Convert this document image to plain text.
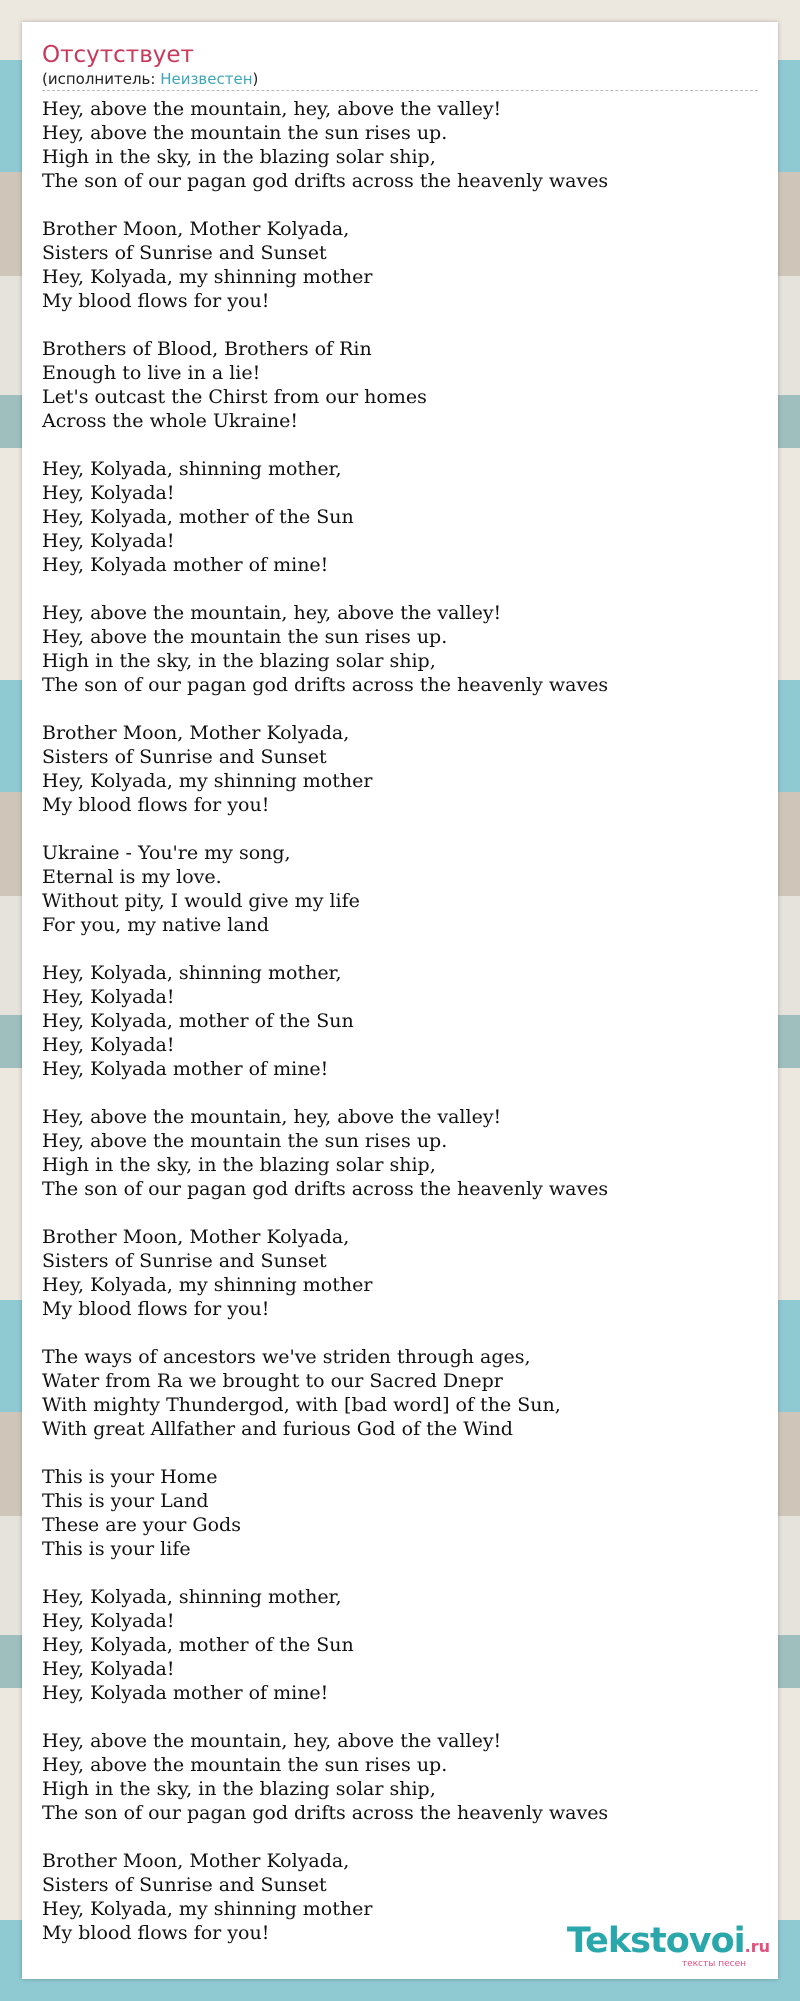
Отсутствует
(исполнитель: Неизвестен)
Hey, above the mountain, hey, above the valley!
Hey, above the mountain the sun rises up.
High in the sky, in the blazing solar ship,
The son of our pagan god drifts across the heavenly waves
Brother Moon, Mother Kolyada,
Sisters of Sunrise and Sunset
Hey, Kolyada, my shinning mother
My blood flows for you!
Brothers of Blood, Brothers of Rin
Enough to live in a lie!
Let's outcast the Chirst from our homes
Across the whole Ukraine!
Hey, Kolyada, shinning mother,
Hey, Kolyada!
Hey, Kolyada, mother of the Sun
Hey, Kolyada!
Hey, Kolyada mother of mine!
Hey, above the mountain, hey, above the valley!
Hey, above the mountain the sun rises up.
High in the sky, in the blazing solar ship,
The son of our pagan god drifts across the heavenly waves
Brother Moon, Mother Kolyada,
Sisters of Sunrise and Sunset
Hey, Kolyada, my shinning mother
My blood flows for you!
Ukraine - You're my song,
Eternal is my love.
Without pity, I would give my life
For you, my native land
Hey, Kolyada, shinning mother,
Hey, Kolyada!
Hey, Kolyada, mother of the Sun
Hey, Kolyada!
Hey, Kolyada mother of mine!
Hey, above the mountain, hey, above the valley!
Hey, above the mountain the sun rises up.
High in the sky, in the blazing solar ship,
The son of our pagan god drifts across the heavenly waves
Brother Moon, Mother Kolyada,
Sisters of Sunrise and Sunset
Hey, Kolyada, my shinning mother
My blood flows for you!
The ways of ancestors we've striden through ages,
Water from Ra we brought to our Sacred Dnepr
With mighty Thundergod, with [bad word] of the Sun,
With great Allfather and furious God of the Wind
This is your Home
This is your Land
These are your Gods
This is your life
Hey, Kolyada, shinning mother,
Hey, Kolyada!
Hey, Kolyada, mother of the Sun
Hey, Kolyada!
Hey, Kolyada mother of mine!
Hey, above the mountain, hey, above the valley!
Hey, above the mountain the sun rises up.
High in the sky, in the blazing solar ship,
The son of our pagan god drifts across the heavenly waves
Brother Moon, Mother Kolyada,
Sisters of Sunrise and Sunset
Hey, Kolyada, my shinning mother
My blood flows for you!	Tekstovoi.ru
тексты песен
